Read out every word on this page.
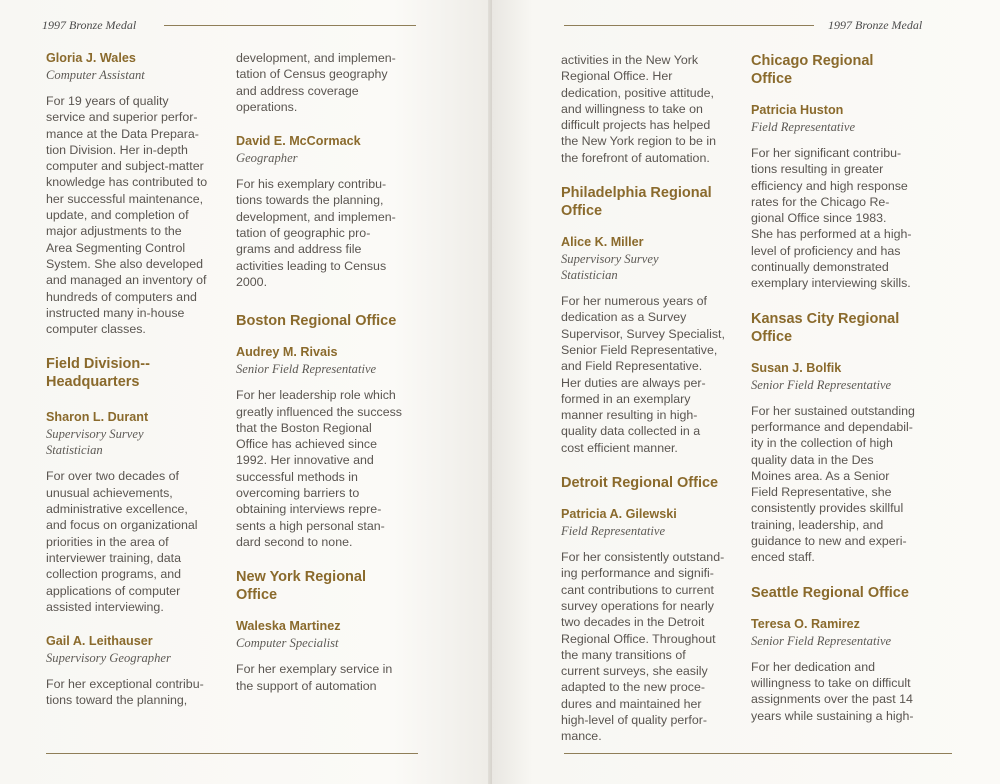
1997 Bronze Medal

Gloria J. Wales

Computer Assistant

For 19 years of quality
service and superior perfor-
mance at the Data Prepara-
tion Division. Her in-depth
computer and subject-matter
knowledge has contributed to
her successful maintenance,
update, and completion of
major adjustments to the
Area Segmenting Control
System. She also developed
and managed an inventory of
hundreds of computers and
instructed many in-house
computer classes.

Field Division--
Headquarters

Sharon L. Durant

Supervisory Survey
Statistician

For over two decades of
unusual achievements,
administrative excellence,
and focus on organizational
priorities in the area of
interviewer training, data
collection programs, and
applications of computer
assisted interviewing.

Gail A. Leithauser

Supervisory Geographer

For her exceptional contribu-
tions toward the planning,

development, and implemen-
tation of Census geography
and address coverage
operations.

David E. McCormack

Geographer

For his exemplary contribu-
tions towards the planning,
development, and implemen-
tation of geographic pro-
grams and address file
activities leading to Census
2000.

Boston Regional Office

Audrey M. Rivais

Senior Field Representative

For her leadership role which
greatly influenced the success
that the Boston Regional
Office has achieved since
1992. Her innovative and
successful methods in
overcoming barriers to
obtaining interviews repre-
sents a high personal stan-
dard second to none.

New York Regional
Office

Waleska Martinez

Computer Specialist

For her exemplary service in
the support of automation

1997 Bronze Medal

activities in the New York
Regional Office. Her
dedication, positive attitude,
and willingness to take on
difficult projects has helped
the New York region to be in
the forefront of automation.

Philadelphia Regional
Office

Alice K. Miller

Supervisory Survey
Statistician

For her numerous years of
dedication as a Survey
Supervisor, Survey Specialist,
Senior Field Representative,
and Field Representative.
Her duties are always per-
formed in an exemplary
manner resulting in high-
quality data collected in a
cost efficient manner.

Detroit Regional Office

Patricia A. Gilewski

Field Representative

For her consistently outstand-
ing performance and signifi-
cant contributions to current
survey operations for nearly
two decades in the Detroit
Regional Office. Throughout
the many transitions of
current surveys, she easily
adapted to the new proce-
dures and maintained her
high-level of quality perfor-
mance.

Chicago Regional
Office

Patricia Huston

Field Representative

For her significant contribu-
tions resulting in greater
efficiency and high response
rates for the Chicago Re-
gional Office since 1983.
She has performed at a high-
level of proficiency and has
continually demonstrated
exemplary interviewing skills.

Kansas City Regional
Office

Susan J. Bolfik

Senior Field Representative

For her sustained outstanding
performance and dependabil-
ity in the collection of high
quality data in the Des
Moines area. As a Senior
Field Representative, she
consistently provides skillful
training, leadership, and
guidance to new and experi-
enced staff.

Seattle Regional Office

Teresa O. Ramirez

Senior Field Representative

For her dedication and
willingness to take on difficult
assignments over the past 14
years while sustaining a high-
